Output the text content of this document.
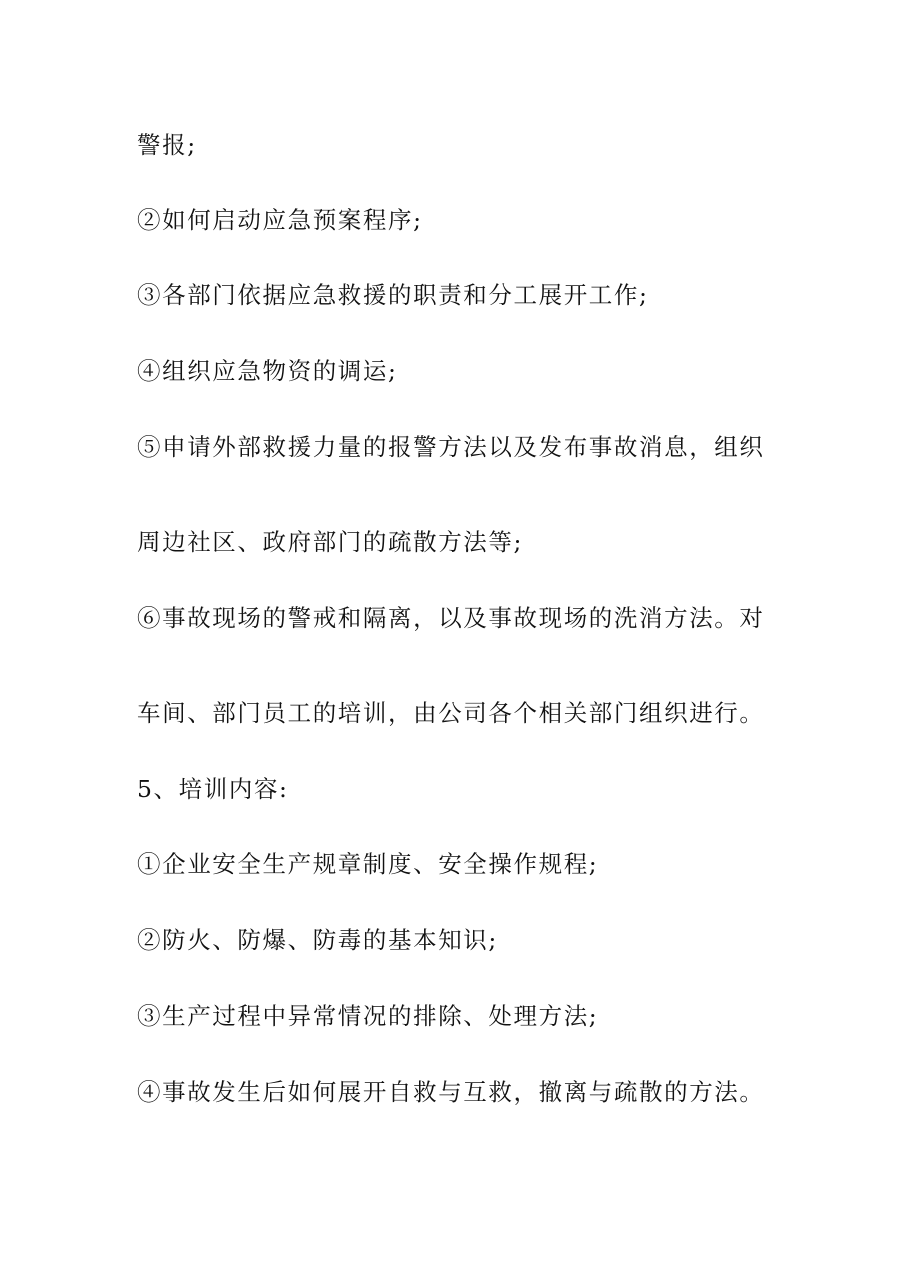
警报;
②如何启动应急预案程序;
③各部门依据应急救援的职责和分工展开工作;
④组织应急物资的调运;
⑤申请外部救援力量的报警方法以及发布事故消息，组织
周边社区、政府部门的疏散方法等;
⑥事故现场的警戒和隔离，以及事故现场的洗消方法。对
车间、部门员工的培训，由公司各个相关部门组织进行。
5、培训内容:
①企业安全生产规章制度、安全操作规程;
②防火、防爆、防毒的基本知识;
③生产过程中异常情况的排除、处理方法;
④事故发生后如何展开自救与互救，撤离与疏散的方法。
